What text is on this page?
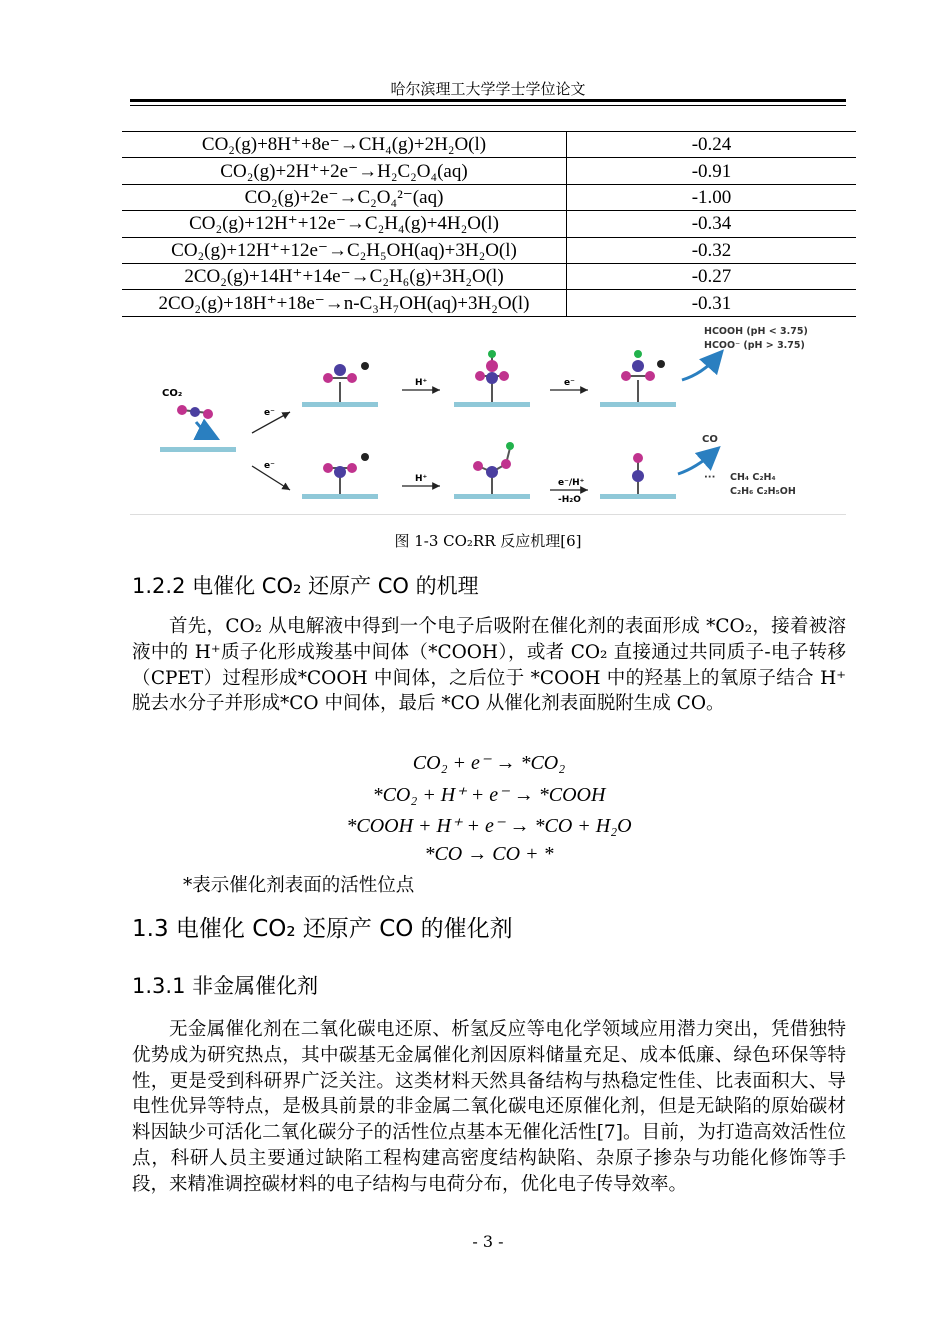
哈尔滨理工大学学士学位论文
CO₂(g)+8H⁺+8e⁻→CH₄(g)+2H₂O(l)	-0.24
CO₂(g)+2H⁺+2e⁻→H₂C₂O₄(aq)	-0.91
CO₂(g)+2e⁻→C₂O₄²⁻(aq)	-1.00
CO₂(g)+12H⁺+12e⁻→C₂H₄(g)+4H₂O(l)	-0.34
CO₂(g)+12H⁺+12e⁻→C₂H₅OH(aq)+3H₂O(l)	-0.32
2CO₂(g)+14H⁺+14e⁻→C₂H₆(g)+3H₂O(l)	-0.27
2CO₂(g)+18H⁺+18e⁻→n-C₃H₇OH(aq)+3H₂O(l)	-0.31
CO₂
e⁻
e⁻
H⁺	e⁻
HCOOH (pH < 3.75)
HCOO⁻ (pH > 3.75)
H⁺	e⁻/H⁺
-H₂O
CO
··· CH₄ C₂H₄
C₂H₆ C₂H₅OH
图 1-3 CO₂RR 反应机理[6]
1.2.2 电催化 CO₂ 还原产 CO 的机理

首先，CO₂ 从电解液中得到一个电子后吸附在催化剂的表面形成 *CO₂，接着被溶液中的 H⁺质子化形成羧基中间体（*COOH），或者 CO₂ 直接通过共同质子-电子转移（CPET）过程形成*COOH 中间体，之后位于 *COOH 中的羟基上的氧原子结合 H⁺脱去水分子并形成*CO 中间体，最后 *CO 从催化剂表面脱附生成 CO。

CO₂ + e⁻ → *CO₂
*CO₂ + H⁺ + e⁻ → *COOH
*COOH + H⁺ + e⁻ → *CO + H₂O
*CO → CO + *
*表示催化剂表面的活性位点
1.3 电催化 CO₂ 还原产 CO 的催化剂
1.3.1 非金属催化剂

无金属催化剂在二氧化碳电还原、析氢反应等电化学领域应用潜力突出，凭借独特优势成为研究热点，其中碳基无金属催化剂因原料储量充足、成本低廉、绿色环保等特性，更是受到科研界广泛关注。这类材料天然具备结构与热稳定性佳、比表面积大、导电性优异等特点，是极具前景的非金属二氧化碳电还原催化剂，但是无缺陷的原始碳材料因缺少可活化二氧化碳分子的活性位点基本无催化活性[7]。目前，为打造高效活性位点，科研人员主要通过缺陷工程构建高密度结构缺陷、杂原子掺杂与功能化修饰等手段，来精准调控碳材料的电子结构与电荷分布，优化电子传导效率。

- 3 -
